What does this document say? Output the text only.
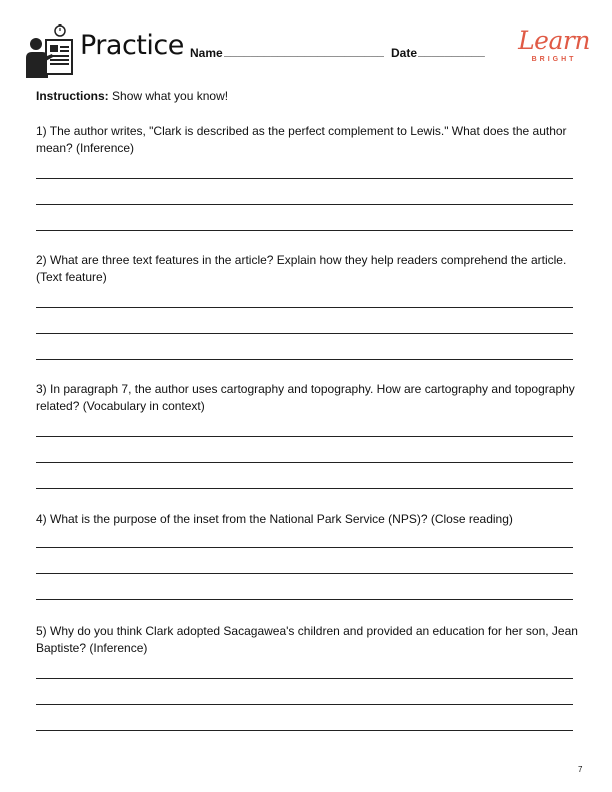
Practice Name ________________________ Date __________ Learn
BRIGHT
Instructions: Show what you know!
1) The author writes, "Clark is described as the perfect complement to Lewis." What does the author mean? (Inference)
2) What are three text features in the article? Explain how they help readers comprehend the article. (Text feature)
3) In paragraph 7, the author uses cartography and topography. How are cartography and topography related? (Vocabulary in context)
4) What is the purpose of the inset from the National Park Service (NPS)? (Close reading)
5) Why do you think Clark adopted Sacagawea's children and provided an education for her son, Jean Baptiste? (Inference)
7
